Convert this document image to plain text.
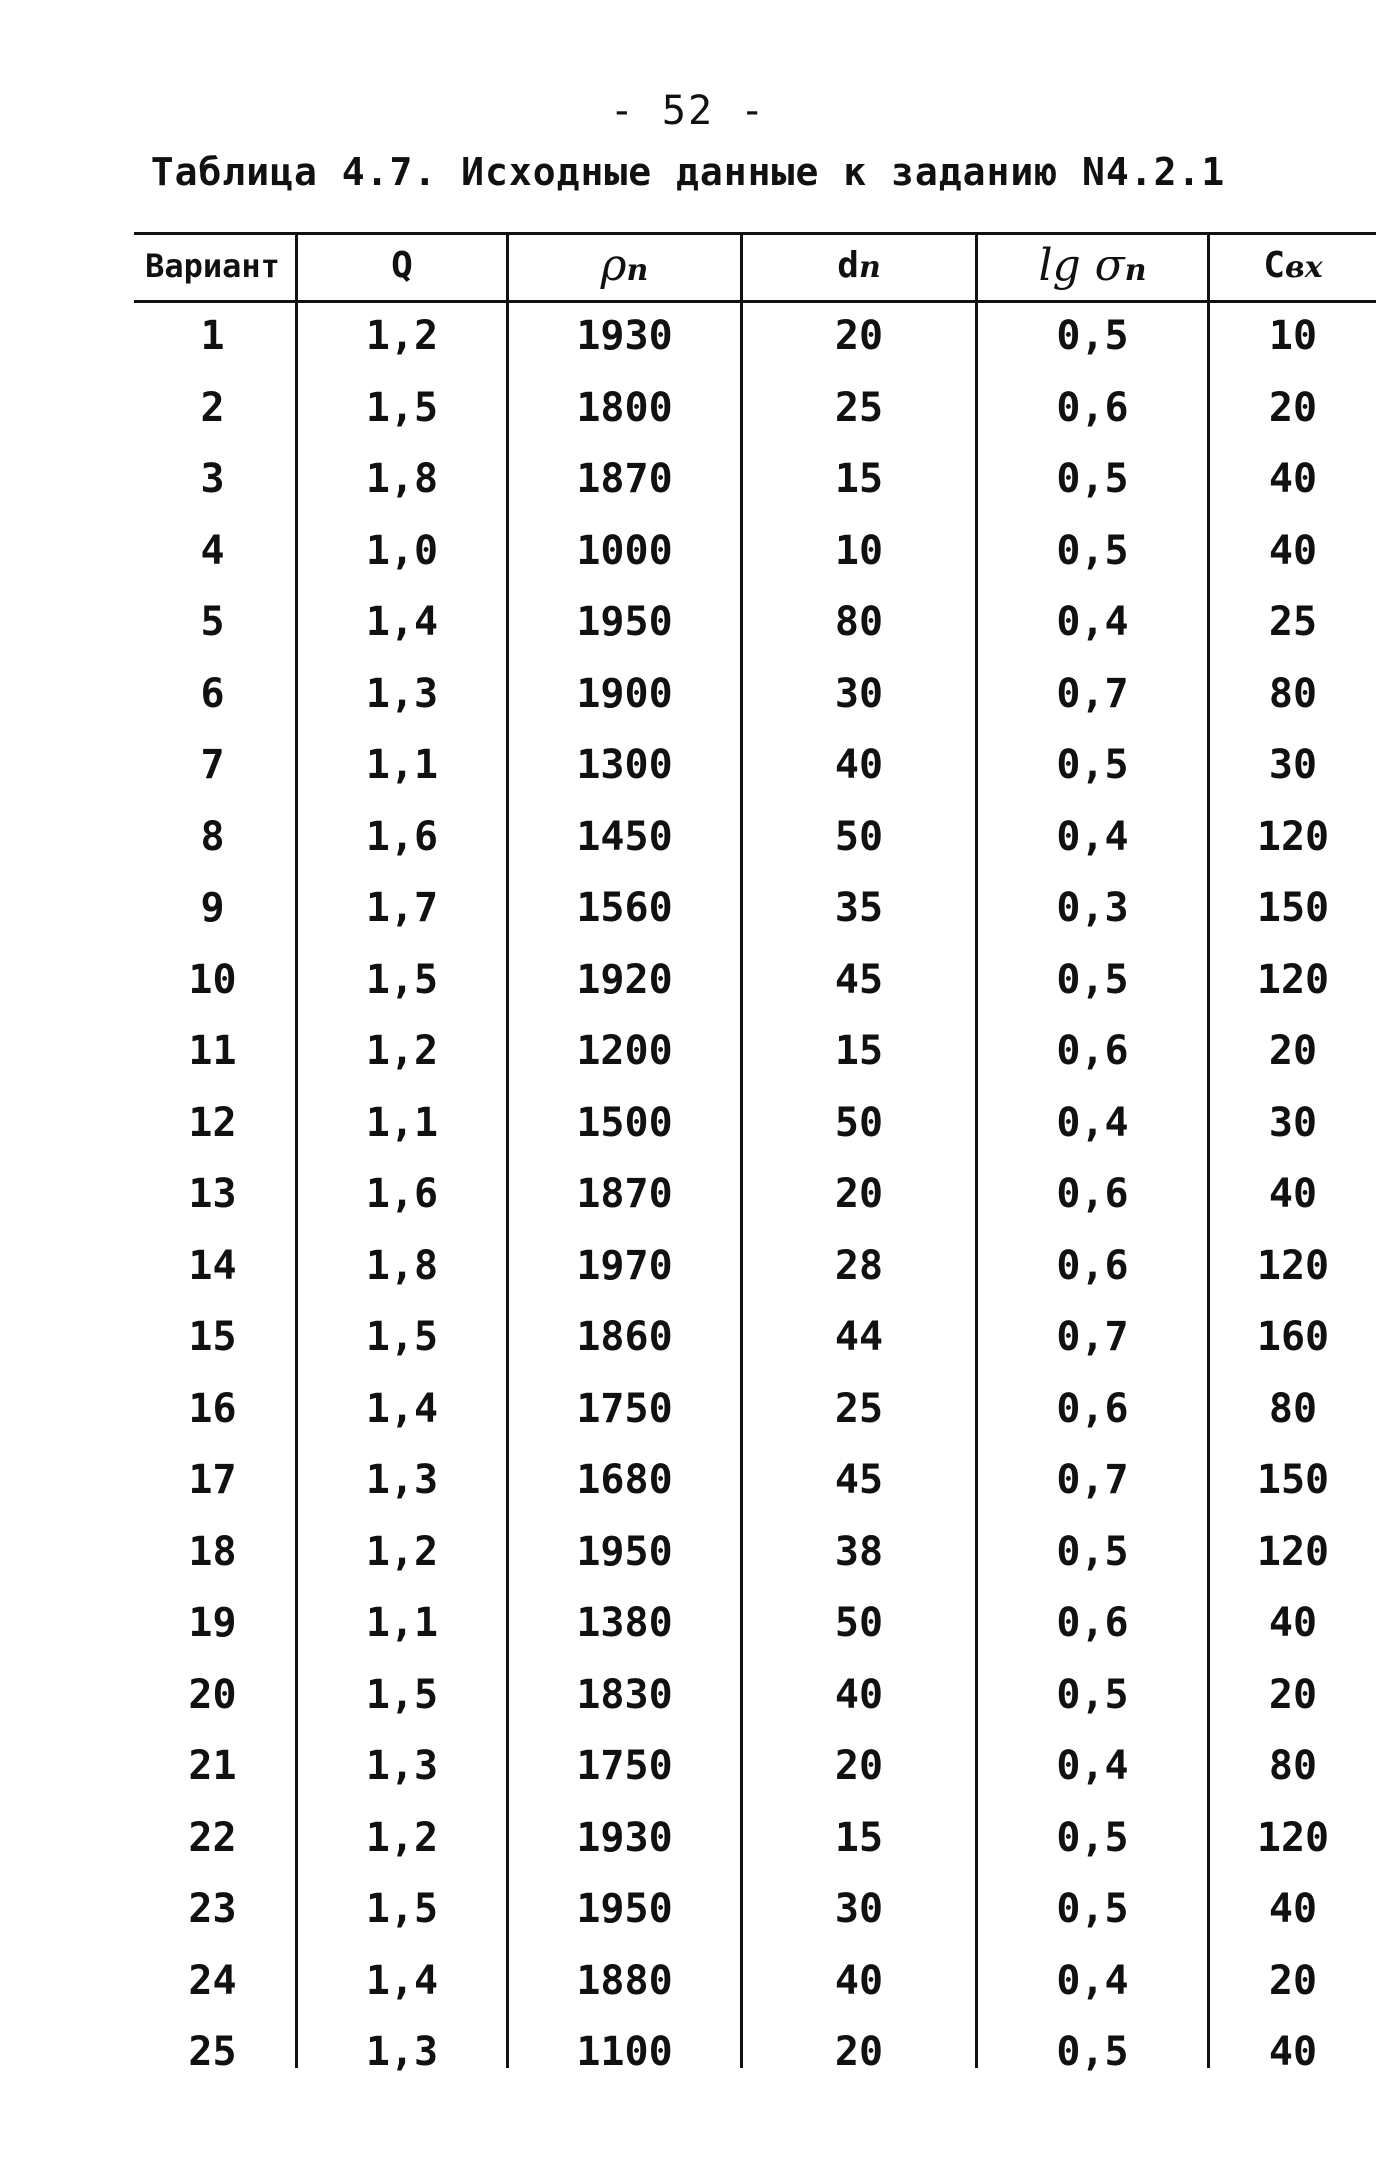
- 52 -
Таблица 4.7. Исходные данные к заданию N4.2.1
Вариант	Q	ρп	dп	lg σп	Cвх
1	1,2	1930	20	0,5	10
2	1,5	1800	25	0,6	20
3	1,8	1870	15	0,5	40
4	1,0	1000	10	0,5	40
5	1,4	1950	80	0,4	25
6	1,3	1900	30	0,7	80
7	1,1	1300	40	0,5	30
8	1,6	1450	50	0,4	120
9	1,7	1560	35	0,3	150
10	1,5	1920	45	0,5	120
11	1,2	1200	15	0,6	20
12	1,1	1500	50	0,4	30
13	1,6	1870	20	0,6	40
14	1,8	1970	28	0,6	120
15	1,5	1860	44	0,7	160
16	1,4	1750	25	0,6	80
17	1,3	1680	45	0,7	150
18	1,2	1950	38	0,5	120
19	1,1	1380	50	0,6	40
20	1,5	1830	40	0,5	20
21	1,3	1750	20	0,4	80
22	1,2	1930	15	0,5	120
23	1,5	1950	30	0,5	40
24	1,4	1880	40	0,4	20
25	1,3	1100	20	0,5	40
